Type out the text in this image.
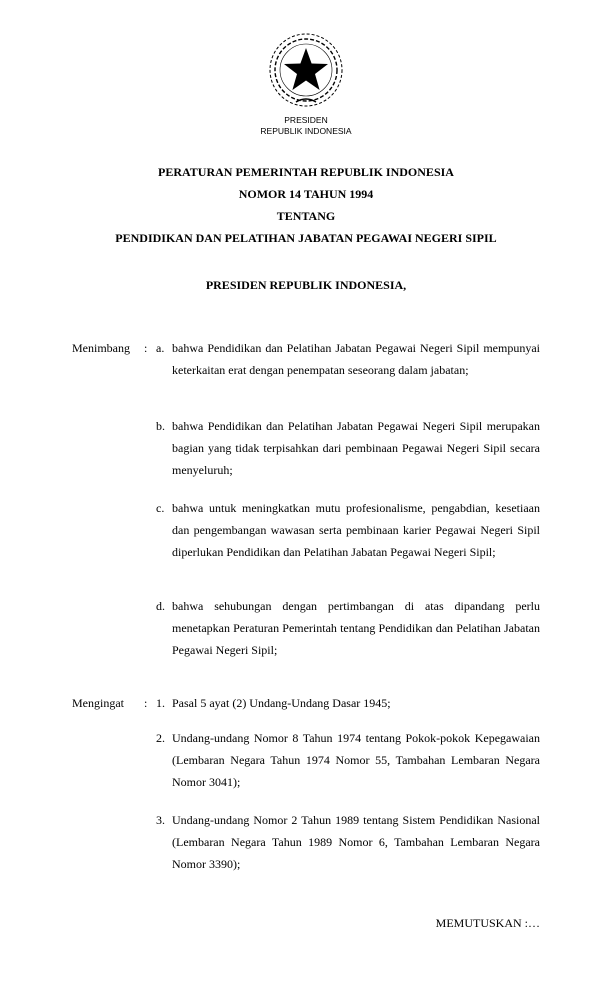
PRESIDEN
REPUBLIK INDONESIA
PERATURAN PEMERINTAH REPUBLIK INDONESIA
NOMOR 14 TAHUN 1994
TENTANG
PENDIDIKAN DAN PELATIHAN JABATAN PEGAWAI NEGERI SIPIL
PRESIDEN REPUBLIK INDONESIA,
Menimbang : a. bahwa Pendidikan dan Pelatihan Jabatan Pegawai Negeri Sipil mempunyai keterkaitan erat dengan penempatan seseorang dalam jabatan;
b. bahwa Pendidikan dan Pelatihan Jabatan Pegawai Negeri Sipil merupakan bagian yang tidak terpisahkan dari pembinaan Pegawai Negeri Sipil secara menyeluruh;
c. bahwa untuk meningkatkan mutu profesionalisme, pengabdian, kesetiaan dan pengembangan wawasan serta pembinaan karier Pegawai Negeri Sipil diperlukan Pendidikan dan Pelatihan Jabatan Pegawai Negeri Sipil;
d. bahwa sehubungan dengan pertimbangan di atas dipandang perlu menetapkan Peraturan Pemerintah tentang Pendidikan dan Pelatihan Jabatan Pegawai Negeri Sipil;
Mengingat : 1. Pasal 5 ayat (2) Undang-Undang Dasar 1945;
2. Undang-undang Nomor 8 Tahun 1974 tentang Pokok-pokok Kepegawaian (Lembaran Negara Tahun 1974 Nomor 55, Tambahan Lembaran Negara Nomor 3041);
3. Undang-undang Nomor 2 Tahun 1989 tentang Sistem Pendidikan Nasional (Lembaran Negara Tahun 1989 Nomor 6, Tambahan Lembaran Negara Nomor 3390);
MEMUTUSKAN :…
